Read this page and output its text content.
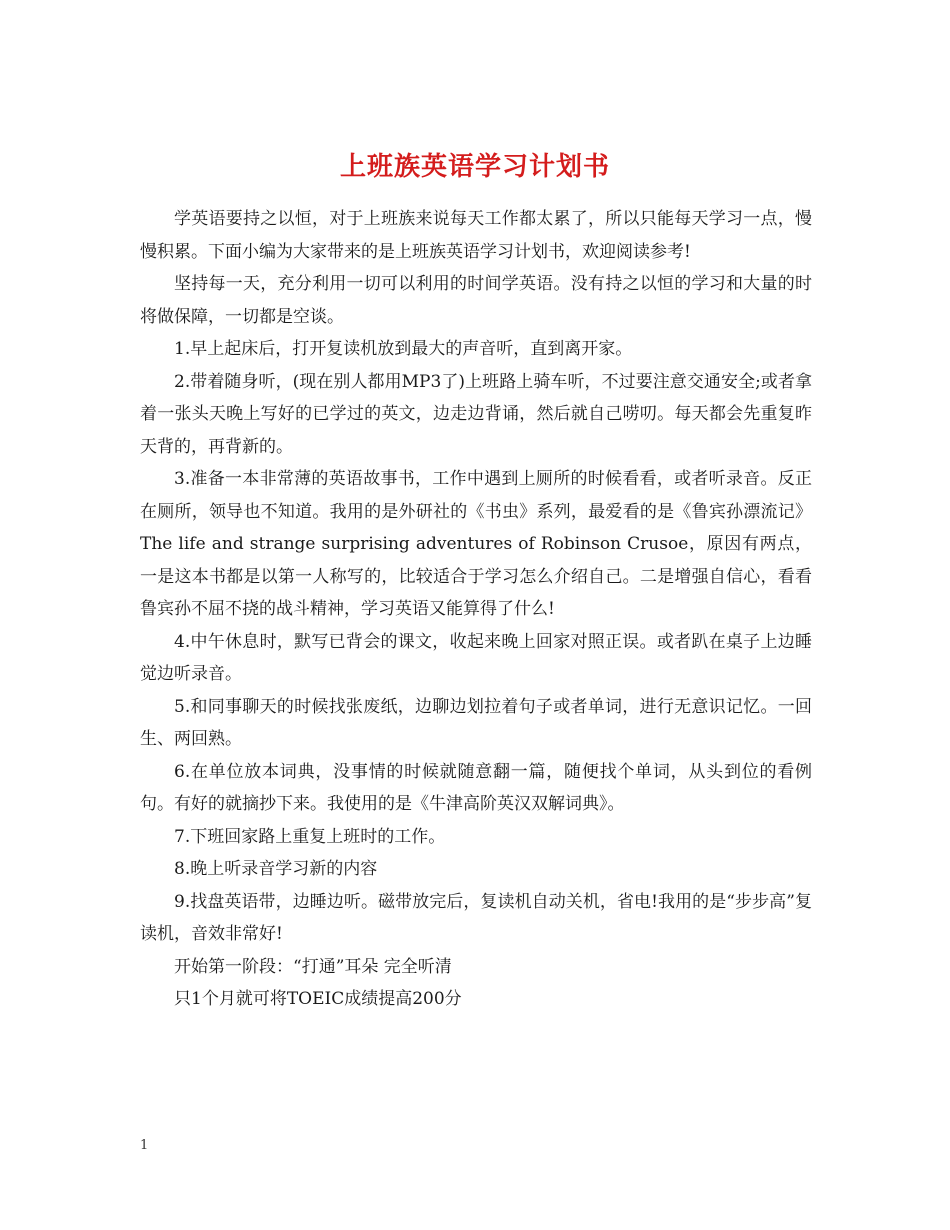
上班族英语学习计划书

学英语要持之以恒，对于上班族来说每天工作都太累了，所以只能每天学习一点，慢慢积累。下面小编为大家带来的是上班族英语学习计划书，欢迎阅读参考!

坚持每一天，充分利用一切可以利用的时间学英语。没有持之以恒的学习和大量的时将做保障，一切都是空谈。

1.早上起床后，打开复读机放到最大的声音听，直到离开家。

2.带着随身听，(现在别人都用MP3了)上班路上骑车听，不过要注意交通安全;或者拿着一张头天晚上写好的已学过的英文，边走边背诵，然后就自己唠叨。每天都会先重复昨天背的，再背新的。

3.准备一本非常薄的英语故事书，工作中遇到上厕所的时候看看，或者听录音。反正在厕所，领导也不知道。我用的是外研社的《书虫》系列，最爱看的是《鲁宾孙漂流记》The life and strange surprising adventures of Robinson Crusoe，原因有两点，一是这本书都是以第一人称写的，比较适合于学习怎么介绍自己。二是增强自信心，看看鲁宾孙不屈不挠的战斗精神，学习英语又能算得了什么!

4.中午休息时，默写已背会的课文，收起来晚上回家对照正误。或者趴在桌子上边睡觉边听录音。

5.和同事聊天的时候找张废纸，边聊边划拉着句子或者单词，进行无意识记忆。一回生、两回熟。

6.在单位放本词典，没事情的时候就随意翻一篇，随便找个单词，从头到位的看例句。有好的就摘抄下来。我使用的是《牛津高阶英汉双解词典》。

7.下班回家路上重复上班时的工作。

8.晚上听录音学习新的内容

9.找盘英语带，边睡边听。磁带放完后，复读机自动关机，省电!我用的是“步步高”复读机，音效非常好!

开始第一阶段：“打通”耳朵 完全听清

只1个月就可将TOEIC成绩提高200分

1
